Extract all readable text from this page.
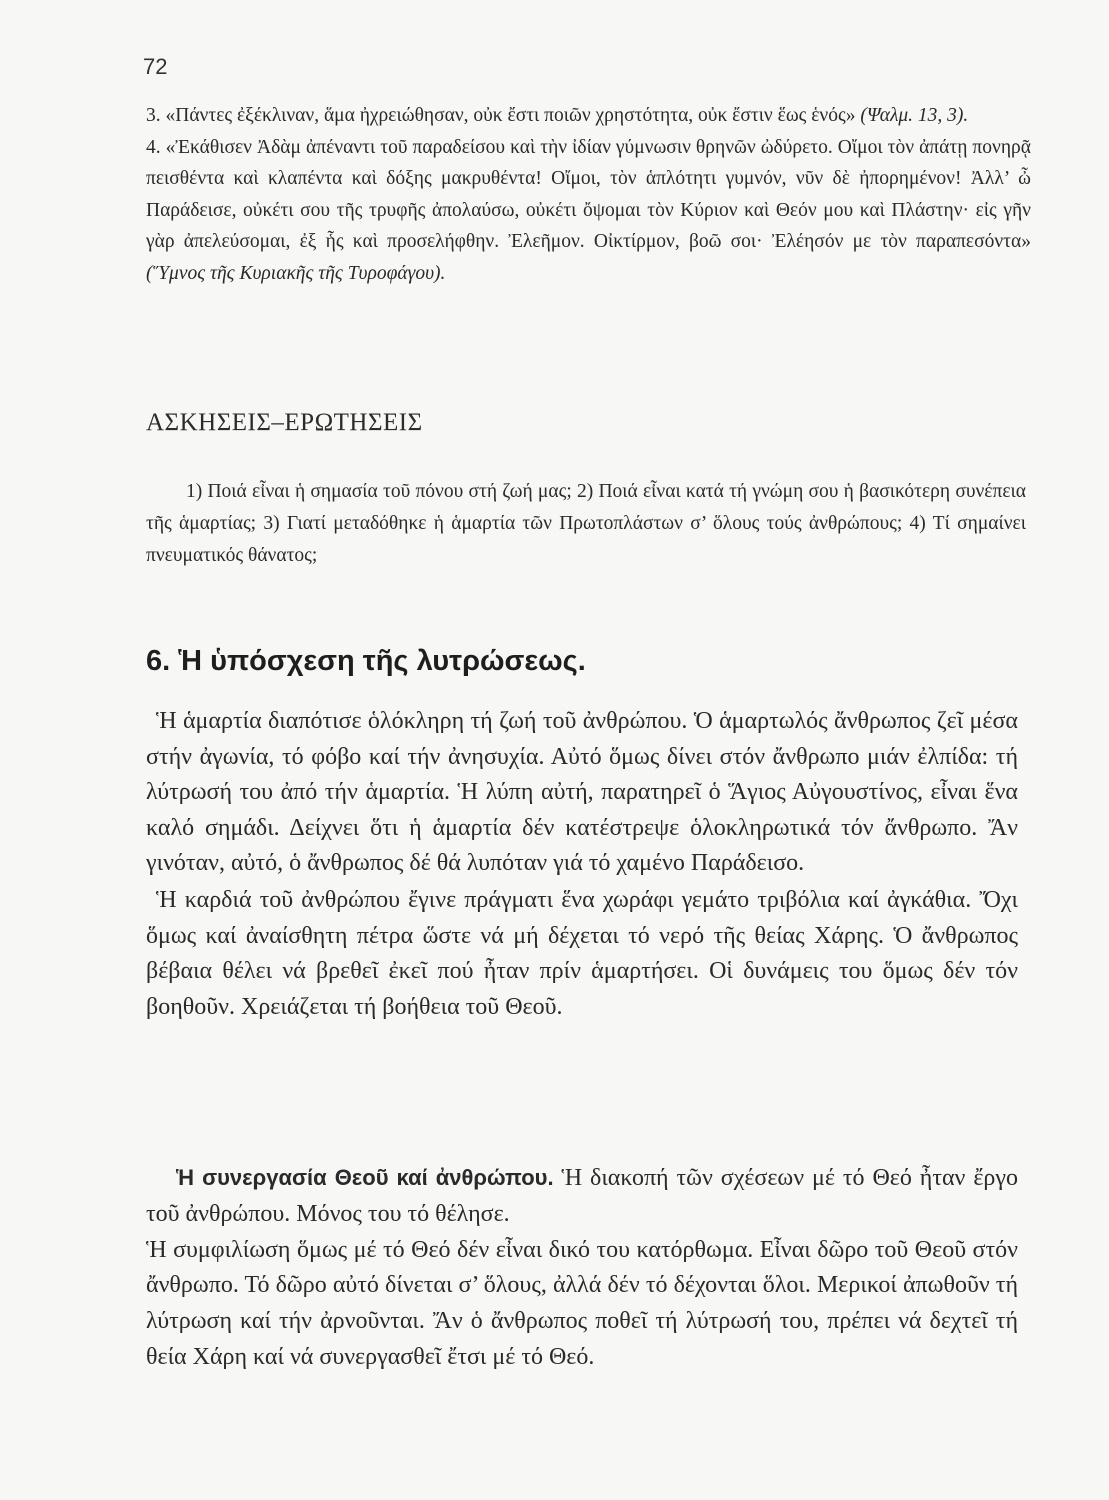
72

3. «Πάντες ἐξέκλιναν, ἅμα ἠχρειώθησαν, οὐκ ἔστι ποιῶν χρηστότητα, οὐκ ἔστιν ἕως ἑνός» (Ψαλμ. 13, 3).

4. «Ἐκάθισεν Ἀδὰμ ἀπέναντι τοῦ παραδείσου καὶ τὴν ἰδίαν γύμνωσιν θρηνῶν ὠδύρετο. Οἴμοι τὸν ἀπάτῃ πονηρᾷ πεισθέντα καὶ κλαπέντα καὶ δόξης μακρυθέντα! Οἴμοι, τὸν ἁπλότητι γυμνόν, νῦν δὲ ἠπορημένον! Ἀλλ’ ὦ Παράδεισε, οὐκέτι σου τῆς τρυφῆς ἀπολαύσω, οὐκέτι ὄψομαι τὸν Κύριον καὶ Θεόν μου καὶ Πλάστην· εἰς γῆν γὰρ ἀπελεύσομαι, ἐξ ἧς καὶ προσελήφθην. Ἐλεῆμον. Οἰκτίρμον, βοῶ σοι· Ἐλέησόν με τὸν παραπεσόντα» (Ὕμνος τῆς Κυριακῆς τῆς Τυροφάγου).

ΑΣΚΗΣΕΙΣ–ΕΡΩΤΗΣΕΙΣ

1) Ποιά εἶναι ἡ σημασία τοῦ πόνου στή ζωή μας; 2) Ποιά εἶναι κατά τή γνώμη σου ἡ βασικότερη συνέπεια τῆς ἁμαρτίας; 3) Γιατί μεταδόθηκε ἡ ἁμαρτία τῶν Πρωτοπλάστων σ’ ὅλους τούς ἀνθρώπους; 4) Τί σημαίνει πνευματικός θάνατος;

6. Ἡ ὑπόσχεση τῆς λυτρώσεως.

Ἡ ἁμαρτία διαπότισε ὁλόκληρη τή ζωή τοῦ ἀνθρώπου. Ὁ ἁμαρτωλός ἄνθρωπος ζεῖ μέσα στήν ἀγωνία, τό φόβο καί τήν ἀνησυχία. Αὐτό ὅμως δίνει στόν ἄνθρωπο μιάν ἐλπίδα: τή λύτρωσή του ἀπό τήν ἁμαρτία. Ἡ λύπη αὐτή, παρατηρεῖ ὁ Ἅγιος Αὐγουστίνος, εἶναι ἕνα καλό σημάδι. Δείχνει ὅτι ἡ ἁμαρτία δέν κατέστρεψε ὁλοκληρωτικά τόν ἄνθρωπο. Ἄν γινόταν, αὐτό, ὁ ἄνθρωπος δέ θά λυπόταν γιά τό χαμένο Παράδεισο.

Ἡ καρδιά τοῦ ἀνθρώπου ἔγινε πράγματι ἕνα χωράφι γεμάτο τριβόλια καί ἀγκάθια. Ὄχι ὅμως καί ἀναίσθητη πέτρα ὥστε νά μή δέχεται τό νερό τῆς θείας Χάρης. Ὁ ἄνθρωπος βέβαια θέλει νά βρεθεῖ ἐκεῖ πού ἦταν πρίν ἁμαρτήσει. Οἱ δυνάμεις του ὅμως δέν τόν βοηθοῦν. Χρειάζεται τή βοήθεια τοῦ Θεοῦ.

Ἡ συνεργασία Θεοῦ καί ἀνθρώπου. Ἡ διακοπή τῶν σχέσεων μέ τό Θεό ἦταν ἔργο τοῦ ἀνθρώπου. Μόνος του τό θέλησε.

Ἡ συμφιλίωση ὅμως μέ τό Θεό δέν εἶναι δικό του κατόρθωμα. Εἶναι δῶρο τοῦ Θεοῦ στόν ἄνθρωπο. Τό δῶρο αὐτό δίνεται σ’ ὅλους, ἀλλά δέν τό δέχονται ὅλοι. Μερικοί ἀπωθοῦν τή λύτρωση καί τήν ἀρνοῦνται. Ἄν ὁ ἄνθρωπος ποθεῖ τή λύτρωσή του, πρέπει νά δεχτεῖ τή θεία Χάρη καί νά συνεργασθεῖ ἔτσι μέ τό Θεό.
